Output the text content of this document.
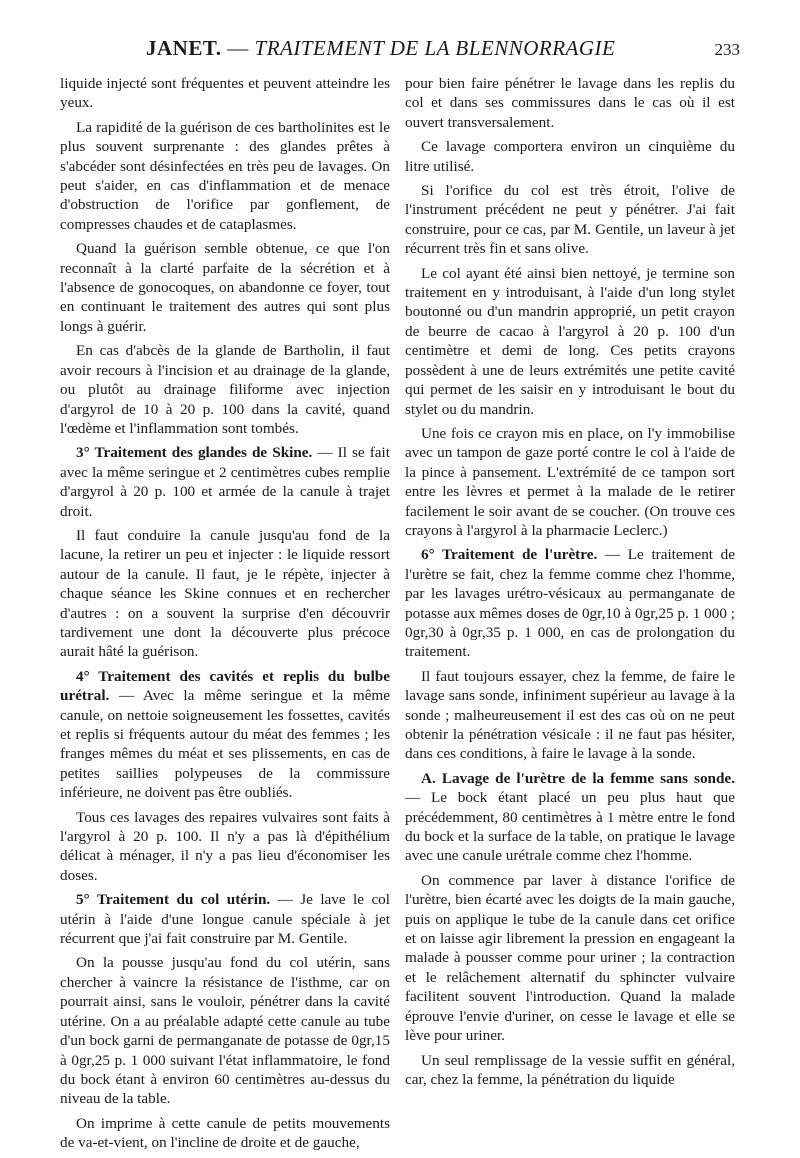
JANET. — TRAITEMENT DE LA BLENNORRAGIE	233

liquide injecté sont fréquentes et peuvent atteindre les yeux.

La rapidité de la guérison de ces bartholinites est le plus souvent surprenante : des glandes prêtes à s'abcéder sont désinfectées en très peu de lavages. On peut s'aider, en cas d'inflammation et de menace d'obstruction de l'orifice par gonflement, de compresses chaudes et de cataplasmes.

Quand la guérison semble obtenue, ce que l'on reconnaît à la clarté parfaite de la sécrétion et à l'absence de gonocoques, on abandonne ce foyer, tout en continuant le traitement des autres qui sont plus longs à guérir.

En cas d'abcès de la glande de Bartholin, il faut avoir recours à l'incision et au drainage de la glande, ou plutôt au drainage filiforme avec injection d'argyrol de 10 à 20 p. 100 dans la cavité, quand l'œdème et l'inflammation sont tombés.

3° Traitement des glandes de Skine. — Il se fait avec la même seringue et 2 centimètres cubes remplie d'argyrol à 20 p. 100 et armée de la canule à trajet droit.

Il faut conduire la canule jusqu'au fond de la lacune, la retirer un peu et injecter : le liquide ressort autour de la canule. Il faut, je le répète, injecter à chaque séance les Skine connues et en rechercher d'autres : on a souvent la surprise d'en découvrir tardivement une dont la découverte plus précoce aurait hâté la guérison.

4° Traitement des cavités et replis du bulbe urétral. — Avec la même seringue et la même canule, on nettoie soigneusement les fossettes, cavités et replis si fréquents autour du méat des femmes ; les franges mêmes du méat et ses plissements, en cas de petites saillies polypeuses de la commissure inférieure, ne doivent pas être oubliés.

Tous ces lavages des repaires vulvaires sont faits à l'argyrol à 20 p. 100. Il n'y a pas là d'épithélium délicat à ménager, il n'y a pas lieu d'économiser les doses.

5° Traitement du col utérin. — Je lave le col utérin à l'aide d'une longue canule spéciale à jet récurrent que j'ai fait construire par M. Gentile.

On la pousse jusqu'au fond du col utérin, sans chercher à vaincre la résistance de l'isthme, car on pourrait ainsi, sans le vouloir, pénétrer dans la cavité utérine. On a au préalable adapté cette canule au tube d'un bock garni de permanganate de potasse de 0gr,15 à 0gr,25 p. 1 000 suivant l'état inflammatoire, le fond du bock étant à environ 60 centimètres au-dessus du niveau de la table.

On imprime à cette canule de petits mouvements de va-et-vient, on l'incline de droite et de gauche,

pour bien faire pénétrer le lavage dans les replis du col et dans ses commissures dans le cas où il est ouvert transversalement.

Ce lavage comportera environ un cinquième du litre utilisé.

Si l'orifice du col est très étroit, l'olive de l'instrument précédent ne peut y pénétrer. J'ai fait construire, pour ce cas, par M. Gentile, un laveur à jet récurrent très fin et sans olive.

Le col ayant été ainsi bien nettoyé, je termine son traitement en y introduisant, à l'aide d'un long stylet boutonné ou d'un mandrin approprié, un petit crayon de beurre de cacao à l'argyrol à 20 p. 100 d'un centimètre et demi de long. Ces petits crayons possèdent à une de leurs extrémités une petite cavité qui permet de les saisir en y introduisant le bout du stylet ou du mandrin.

Une fois ce crayon mis en place, on l'y immobilise avec un tampon de gaze porté contre le col à l'aide de la pince à pansement. L'extrémité de ce tampon sort entre les lèvres et permet à la malade de le retirer facilement le soir avant de se coucher. (On trouve ces crayons à l'argyrol à la pharmacie Leclerc.)

6° Traitement de l'urètre. — Le traitement de l'urètre se fait, chez la femme comme chez l'homme, par les lavages urétro-vésicaux au permanganate de potasse aux mêmes doses de 0gr,10 à 0gr,25 p. 1 000 ; 0gr,30 à 0gr,35 p. 1 000, en cas de prolongation du traitement.

Il faut toujours essayer, chez la femme, de faire le lavage sans sonde, infiniment supérieur au lavage à la sonde ; malheureusement il est des cas où on ne peut obtenir la pénétration vésicale : il ne faut pas hésiter, dans ces conditions, à faire le lavage à la sonde.

A. Lavage de l'urètre de la femme sans sonde. — Le bock étant placé un peu plus haut que précédemment, 80 centimètres à 1 mètre entre le fond du bock et la surface de la table, on pratique le lavage avec une canule urétrale comme chez l'homme.

On commence par laver à distance l'orifice de l'urètre, bien écarté avec les doigts de la main gauche, puis on applique le tube de la canule dans cet orifice et on laisse agir librement la pression en engageant la malade à pousser comme pour uriner ; la contraction et le relâchement alternatif du sphincter vulvaire facilitent souvent l'introduction. Quand la malade éprouve l'envie d'uriner, on cesse le lavage et elle se lève pour uriner.

Un seul remplissage de la vessie suffit en général, car, chez la femme, la pénétration du liquide
